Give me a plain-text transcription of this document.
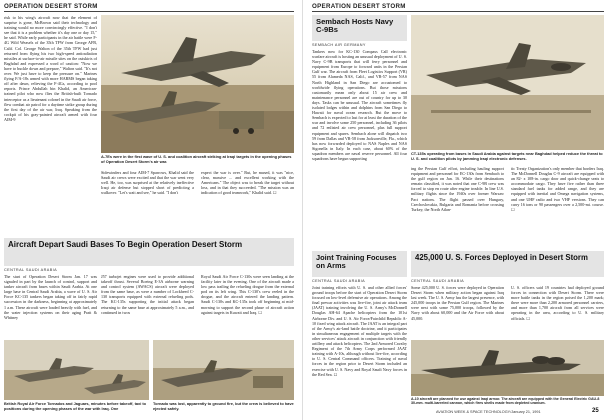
OPERATION DESERT STORM
risk to his wing's aircraft now that the element of surprise is gone, McBrown said their technology and training would no more convincingly effective. "I don't see that it is a problem whether it's day one or day 15," he said. While early participants in the air battle were F-4G Wild Weasels of the 35th TFW from George AFB, Calif. Col. George Walton of the 35th TFW had just returned from flying his two high-speed antiradiation missiles at surface-to-air missile sites on the outskirts of Baghdad and expressed a word of caution: "Now we have to buckle down and prepare," Walton said. "It's not over. We just have to keep the pressure on." Marines flying F/A-18s armed with more HARMS began taking off after dawn, relieving the F-4Gs, according to pool reports. Prince Abdullah bin Khalid, an American-trained pilot who now flies the British-built Tornado interceptor as a lieutenant colonel in the Saudi air force, flew combat air patrol for a daytime strike group during the first day of the air war, Iraq. Speaking from the cockpit of his gray-painted aircraft armed with four AIM-9
A-7Es were in the first wave of U. S. and coalition aircraft striking at Iraqi targets in the opening phases of Operation Desert Storm's air war.
Sidewinders and four AIM-7 Sparrows, Khalid said the Saudi air crews were excited and that the war went very well. He, too, was surprised at the relatively ineffective Iraqi air defense but stopped short of predicting a walkover. "Let's wait and see," he said. "I don't
expect the war is over." But, he mused, it was "nice, clear, massive ... and excellent working with the Americans." The object was to break the target without loss, and in that they succeeded. "The mission was an indication of good teamwork," Khalid said. ☐
Aircraft Depart Saudi Bases To Begin Operation Desert Storm
CENTRAL SAUDI ARABIA
The start of Operation Desert Storm Jan. 17 was signaled in part by the launch of control, support and tanker aircraft from bases within Saudi Arabia. At one large base in Central Saudi Arabia, a wave of U. S. Air Force KC-135 tankers began taking off in fairly rapid succession in the darkness, beginning at approximately 1 a.m. These aircraft were loaded heavily with fuel, and the water injection systems on their aging Pratt & Whitney
J57 turbojet engines were used to provide additional takeoff thrust. Several Boeing E-3A airborne warning and control system (AWACS) aircraft were deployed from the same base, as were a number of Lockheed C-130 transports equipped with external refueling pods. The KC-135s supporting the initial attack began returning to the same base at approximately 5 a.m., and continued in twos
Royal Saudi Air Force C-130s were seen landing at the facility later in the evening. One of the aircraft made a low pass trailing the refueling drogue from the external pod on its left wing. This C-130's crew reeled in the drogue, and the aircraft entered the landing pattern. Saudi C-130s and KC-135s took off beginning at mid-morning to support the second phase of aircraft action against targets in Kuwait and Iraq. ☐
British Royal Air Force Tornados and Jaguars, minutes before takeoff, taxi to positions during the opening phases of the war with Iraq. One
Tornado was lost, apparently to ground fire, but the crew is believed to have ejected safely.
OPERATION DESERT STORM
Sembach Hosts Navy C-9Bs
SEMBACH AIR GERMANY
Tankers now for KC-130 Compass Call electronic warfare aircraft is hosting an unusual deployment of U. S. Navy C-9B transports that will ferry personnel and equipment from Europe to forward units in the Persian Gulf war. The aircraft from Fleet Logistics Support (VR) 55 from Alameda NAS, Calif., and VR-57 from NAS North Highland in San Diego are accustomed to worldwide flying operations. But those missions customarily mean only about 15 air crew and maintenance personnel are out of country for up to 30 days. Tasks can be unusual. The aircraft sometimes fly isolated lodges within and dolphins from San Diego to Hawaii for naval ocean research. But the move to Sembach is expected to last for at least the duration of the war and involve some 250 personnel, including 36 pilots and 72 enlisted air crew personnel, plus full support equipment and spares. Sembach alone will dispatch two 59 from Dallas and VR-58 from Jacksonville, Fla., which has now forwarded deployed to NAS Naples and NAS Sigonella in Italy. In each case, about 60% of the squadron members are naval reserve personnel. All four squadrons have begun supporting
CT-135s operating from bases in Saudi Arabia against targets near Baghdad helped reduce the threat to U. S. and coalition pilots by jamming Iraqi electronic defenses.
ing the Persian Gulf effort, including hauling support equipment and personnel for EC-130s from Sembach to the gulf region on Jan. 16. While their destinations remain classified, it was noted that one C-9B crew was forced to stop en route after engine trouble. In line U.S. military flights since the 1940s over former Warsaw Pact nations. The flight passed over Hungary, Czechoslovakia, Bulgaria and Romania before crossing Turkey, the North Atlan-
tic Treaty Organization's only member that borders Iraq. The McDonnell Douglas C-9 aircraft are equipped with an 82- x 108-in. cargo door and quick-change seats to accommodate cargo. They have five rather than three standard fuel tanks for added range, and they are equipped with inertial and Omega navigation systems, and one UHF radio and two VHF versions. They can carry 16 tons or 90 passengers over a 2,500-mi. course. ☐
Joint Training Focuses on Arms
CENTRAL SAUDI ARABIA
Joint training efforts with U. S. and other allied forces' ground troops before the start of Operation Desert Storm focused on low-level defensive air operations. Among the final prewar activities was live-fire, joint air attack team (JAAT) training involving the U. S. Army's McDonnell Douglas AH-64 Apache helicopters from the 101st Airborne Div. and U. S. Air Force/Fairchild Republic A-10 fixed wing attack aircraft. The JAAT is an integral part of the Army's air-land battle doctrine, and it participates in simultaneous engagement of multiple targets with the other services' attack aircraft in conjunction with friendly artillery and attack helicopters. The 2nd Armored Cavalry Regiment of the 7th Army Corps performed JAAT training with A-10s, although without live-fire, according to U. S. Central Command officers. Training of naval forces in the region prior to Desert Storm included an exercise with U. S. Navy and Royal Saudi Navy forces in the Red Sea. ☐
425,000 U. S. Forces Deployed in Desert Storm
CENTRAL SAUDI ARABIA
Some 425,000 U. S. forces were deployed in Operation Desert Storm when military action began against Iraq last week. The U. S. Army has the largest presence, with 245,000 troops in the Persian Gulf region. The Marines were next with some 75,000 troops, followed by the Navy with about 60,000 and the Air Force with about 45,000.
U. S. officers said 19 countries had deployed ground forces in connection with Desert Storm. There were more battle tanks in the region poised the 1,200 mark; there were more than 2,200 armored personnel carriers, and more than 1,700 aircraft from all services were operating in the area, according to U. S. military officials. ☐
A-10 aircraft are planned for use against Iraqi armor. The aircraft are equipped with the General Electric GAU-8 30-mm. multi-barreled cannon, which fires shells made from depleted uranium.
AVIATION WEEK & SPACE TECHNOLOGY/January 21, 1991	25
